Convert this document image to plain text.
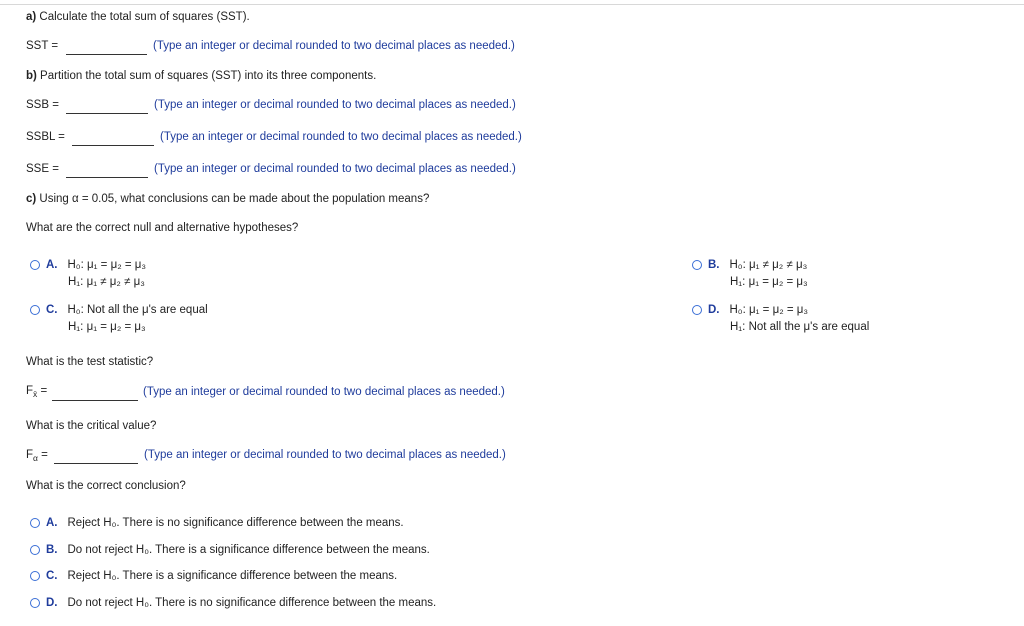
a) Calculate the total sum of squares (SST).
SST =	(Type an integer or decimal rounded to two decimal places as needed.)
b) Partition the total sum of squares (SST) into its three components.
SSB =	(Type an integer or decimal rounded to two decimal places as needed.)
SSBL =	(Type an integer or decimal rounded to two decimal places as needed.)
SSE =	(Type an integer or decimal rounded to two decimal places as needed.)
c) Using α = 0.05, what conclusions can be made about the population means?
What are the correct null and alternative hypotheses?
A. H₀: μ₁ = μ₂ = μ₃
H₁: μ₁ ≠ μ₂ ≠ μ₃
B. H₀: μ₁ ≠ μ₂ ≠ μ₃
H₁: μ₁ = μ₂ = μ₃
C. H₀: Not all the μ's are equal
H₁: μ₁ = μ₂ = μ₃
D. H₀: μ₁ = μ₂ = μ₃
H₁: Not all the μ's are equal
What is the test statistic?
$F_{x̄}$ =	(Type an integer or decimal rounded to two decimal places as needed.)
What is the critical value?
$F_\alpha$ =	(Type an integer or decimal rounded to two decimal places as needed.)
What is the correct conclusion?
A. Reject H₀. There is no significance difference between the means.
B. Do not reject H₀. There is a significance difference between the means.
C. Reject H₀. There is a significance difference between the means.
D. Do not reject H₀. There is no significance difference between the means.
